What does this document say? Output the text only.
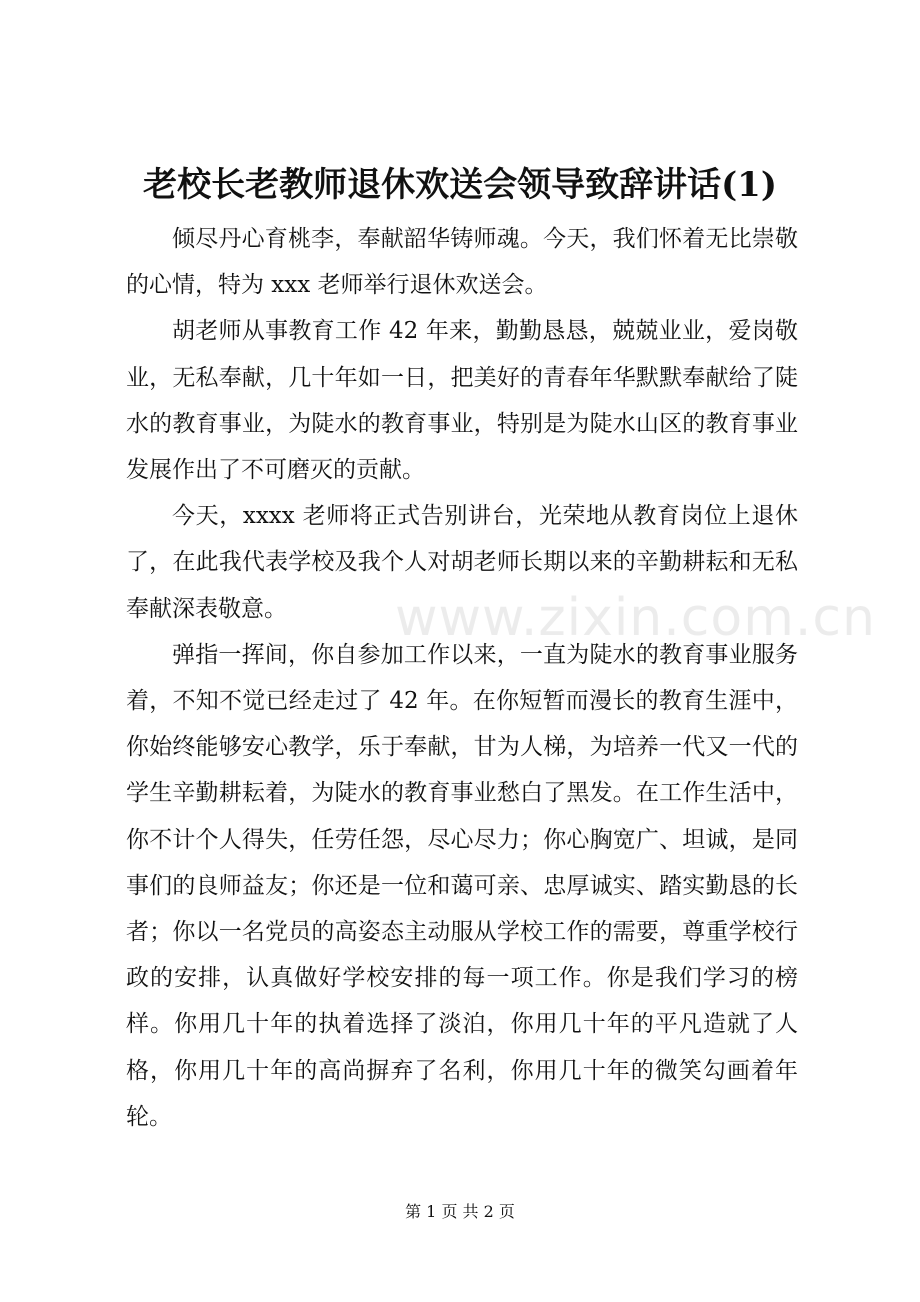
老校长老教师退休欢送会领导致辞讲话(1)

倾尽丹心育桃李，奉献韶华铸师魂。今天，我们怀着无比崇敬的心情，特为 xxx 老师举行退休欢送会。

胡老师从事教育工作 42 年来，勤勤恳恳，兢兢业业，爱岗敬业，无私奉献，几十年如一日，把美好的青春年华默默奉献给了陡水的教育事业，为陡水的教育事业，特别是为陡水山区的教育事业发展作出了不可磨灭的贡献。

今天，xxxx 老师将正式告别讲台，光荣地从教育岗位上退休了，在此我代表学校及我个人对胡老师长期以来的辛勤耕耘和无私奉献深表敬意。

弹指一挥间，你自参加工作以来，一直为陡水的教育事业服务着，不知不觉已经走过了 42 年。在你短暂而漫长的教育生涯中，你始终能够安心教学，乐于奉献，甘为人梯，为培养一代又一代的学生辛勤耕耘着，为陡水的教育事业愁白了黑发。在工作生活中，你不计个人得失，任劳任怨，尽心尽力；你心胸宽广、坦诚，是同事们的良师益友；你还是一位和蔼可亲、忠厚诚实、踏实勤恳的长者；你以一名党员的高姿态主动服从学校工作的需要，尊重学校行政的安排，认真做好学校安排的每一项工作。你是我们学习的榜样。你用几十年的执着选择了淡泊，你用几十年的平凡造就了人格，你用几十年的高尚摒弃了名利，你用几十年的微笑勾画着年轮。

www.zixin.com.cn
第 1 页 共 2 页
